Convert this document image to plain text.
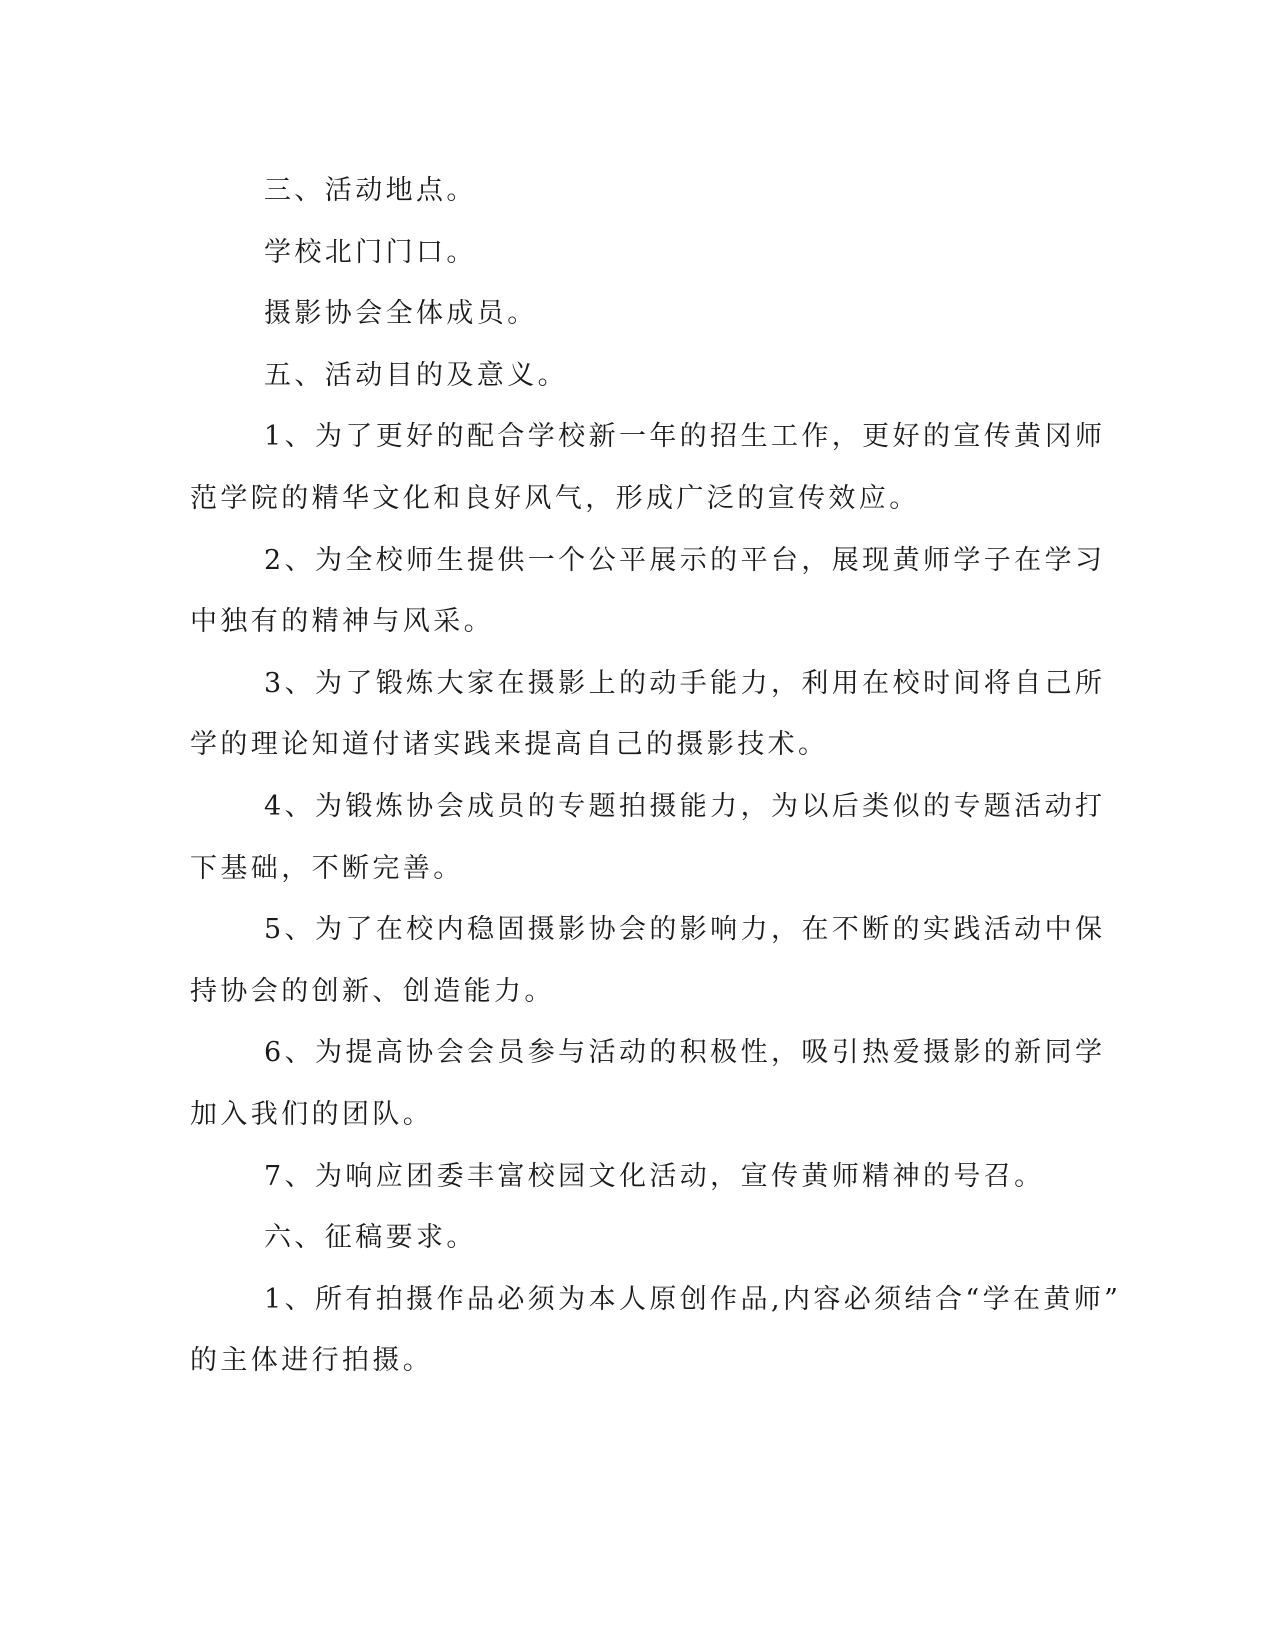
三、活动地点。
学校北门门口。
摄影协会全体成员。
五、活动目的及意义。
1、为了更好的配合学校新一年的招生工作，更好的宣传黄冈师
范学院的精华文化和良好风气，形成广泛的宣传效应。
2、为全校师生提供一个公平展示的平台，展现黄师学子在学习
中独有的精神与风采。
3、为了锻炼大家在摄影上的动手能力，利用在校时间将自己所
学的理论知道付诸实践来提高自己的摄影技术。
4、为锻炼协会成员的专题拍摄能力，为以后类似的专题活动打
下基础，不断完善。
5、为了在校内稳固摄影协会的影响力，在不断的实践活动中保
持协会的创新、创造能力。
6、为提高协会会员参与活动的积极性，吸引热爱摄影的新同学
加入我们的团队。
7、为响应团委丰富校园文化活动，宣传黄师精神的号召。
六、征稿要求。
1、所有拍摄作品必须为本人原创作品,内容必须结合“学在黄师”
的主体进行拍摄。
